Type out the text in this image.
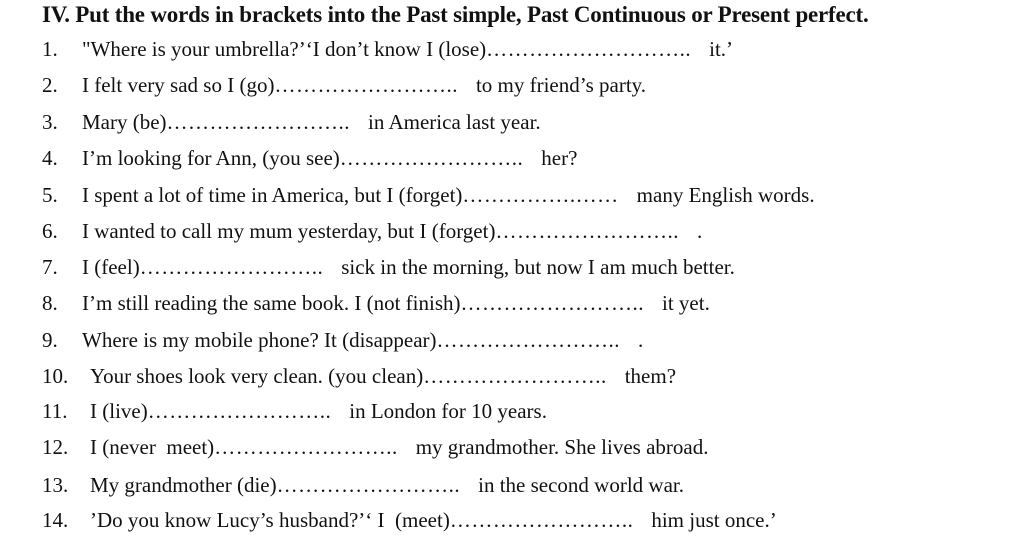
IV. Put the words in brackets into the Past simple, Past Continuous or Present perfect.
1. "Where is your umbrella?’‘I don’t know I (lose)……………………….. it.’
2. I felt very sad so I (go)…………………….. to my friend’s party.
3. Mary (be)…………………….. in America last year.
4. I’m looking for Ann, (you see)…………………….. her?
5. I spent a lot of time in America, but I (forget)…………….…… many English words.
6. I wanted to call my mum yesterday, but I (forget)…………………….. .
7. I (feel)…………………….. sick in the morning, but now I am much better.
8. I’m still reading the same book. I (not finish)…………………….. it yet.
9. Where is my mobile phone? It (disappear)…………………….. .
10. Your shoes look very clean. (you clean)…………………….. them?
11. I (live)…………………….. in London for 10 years.
12. I (never  meet)…………………….. my grandmother. She lives abroad.
13. My grandmother (die)…………………….. in the second world war.
14. ’Do you know Lucy’s husband?’‘ I  (meet)…………………….. him just once.’
